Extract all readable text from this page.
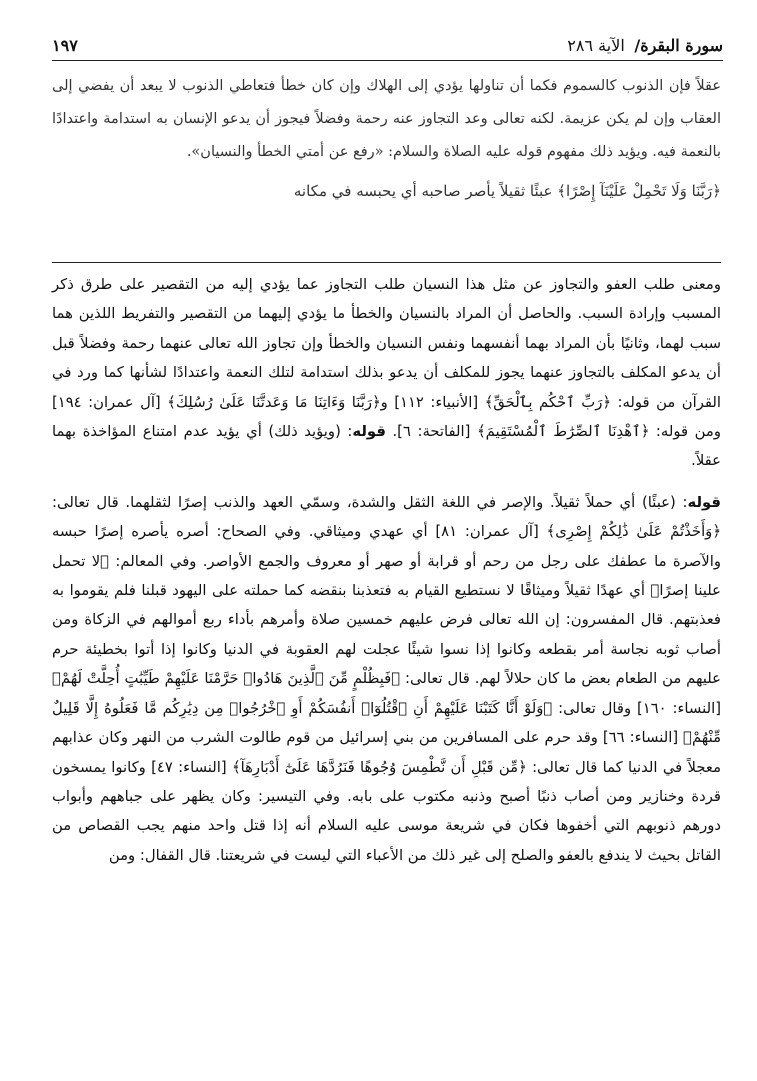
سورة البقرة/ الآية ٢٨٦
١٩٧

عقلاً فإن الذنوب كالسموم فكما أن تناولها يؤدي إلى الهلاك وإن كان خطأ فتعاطي الذنوب لا يبعد أن يفضي إلى العقاب وإن لم يكن عزيمة. لكنه تعالى وعد التجاوز عنه رحمة وفضلاً فيجوز أن يدعو الإنسان به استدامة واعتدادًا بالنعمة فيه. ويؤيد ذلك مفهوم قوله عليه الصلاة والسلام: «رفع عن أمتي الخطأ والنسيان».

﴿رَبَّنَا وَلَا تَحْمِلْ عَلَيْنَآ إِصْرًا﴾ عبئًا ثقيلاً يأصر صاحبه أي يحبسه في مكانه

ومعنى طلب العفو والتجاوز عن مثل هذا النسيان طلب التجاوز عما يؤدي إليه من التقصير على طرق ذكر المسبب وإرادة السبب. والحاصل أن المراد بالنسيان والخطأ ما يؤدي إليهما من التقصير والتفريط اللذين هما سبب لهما، وثانيًا بأن المراد بهما أنفسهما ونفس النسيان والخطأ وإن تجاوز الله تعالى عنهما رحمة وفضلاً قبل أن يدعو المكلف بالتجاوز عنهما يجوز للمكلف أن يدعو بذلك استدامة لتلك النعمة واعتدادًا لشأنها كما ورد في القرآن من قوله: ﴿رَبِّ ٱحْكُم بِٱلْحَقِّ﴾ [الأنبياء: ١١٢] و﴿رَبَّنَا وَءَاتِنَا مَا وَعَدتَّنَا عَلَىٰ رُسُلِكَ﴾ [آل عمران: ١٩٤] ومن قوله: ﴿ٱهْدِنَا ٱلصِّرَٰطَ ٱلْمُسْتَقِيمَ﴾ [الفاتحة: ٦]. قوله: (ويؤيد ذلك) أي يؤيد عدم امتناع المؤاخذة بهما عقلاً.

قوله: (عبئًا) أي حملاً ثقيلاً. والإصر في اللغة الثقل والشدة، وسمّي العهد والذنب إصرًا لثقلهما. قال تعالى: ﴿وَأَخَذْتُمْ عَلَىٰ ذَٰلِكُمْ إِصْرِى﴾ [آل عمران: ٨١] أي عهدي وميثاقي. وفي الصحاح: أصره يأصره إصرًا حبسه والآصرة ما عطفك على رجل من رحم أو قرابة أو صهر أو معروف والجمع الأواصر. وفي المعالم: ﴿لا تحمل علينا إصرًا﴾ أي عهدًا ثقيلاً وميثاقًا لا نستطيع القيام به فتعذبنا بنقضه كما حملته على اليهود قبلنا فلم يقوموا به فعذبتهم. قال المفسرون: إن الله تعالى فرض عليهم خمسين صلاة وأمرهم بأداء ربع أموالهم في الزكاة ومن أصاب ثوبه نجاسة أمر بقطعه وكانوا إذا نسوا شيئًا عجلت لهم العقوبة في الدنيا وكانوا إذا أتوا بخطيئة حرم عليهم من الطعام بعض ما كان حلالاً لهم. قال تعالى: ﴿فَبِظُلْمٍ مِّنَ ٱلَّذِينَ هَادُوا۟ حَرَّمْنَا عَلَيْهِمْ طَيِّبَٰتٍ أُحِلَّتْ لَهُمْ﴾ [النساء: ١٦٠] وقال تعالى: ﴿وَلَوْ أَنَّا كَتَبْنَا عَلَيْهِمْ أَنِ ٱقْتُلُوٓا۟ أَنفُسَكُمْ أَوِ ٱخْرُجُوا۟ مِن دِيَٰرِكُم مَّا فَعَلُوهُ إِلَّا قَلِيلٌ مِّنْهُمْ﴾ [النساء: ٦٦] وقد حرم على المسافرين من بني إسرائيل من قوم طالوت الشرب من النهر وكان عذابهم معجلاً في الدنيا كما قال تعالى: ﴿مِّن قَبْلِ أَن نَّطْمِسَ وُجُوهًا فَنَرُدَّهَا عَلَىٰٓ أَدْبَارِهَآ﴾ [النساء: ٤٧] وكانوا يمسخون قردة وخنازير ومن أصاب ذنبًا أصبح وذنبه مكتوب على بابه. وفي التيسير: وكان يظهر على جباههم وأبواب دورهم ذنوبهم التي أخفوها فكان في شريعة موسى عليه السلام أنه إذا قتل واحد منهم يجب القصاص من القاتل بحيث لا يندفع بالعفو والصلح إلى غير ذلك من الأعباء التي ليست في شريعتنا. قال القفال: ومن
